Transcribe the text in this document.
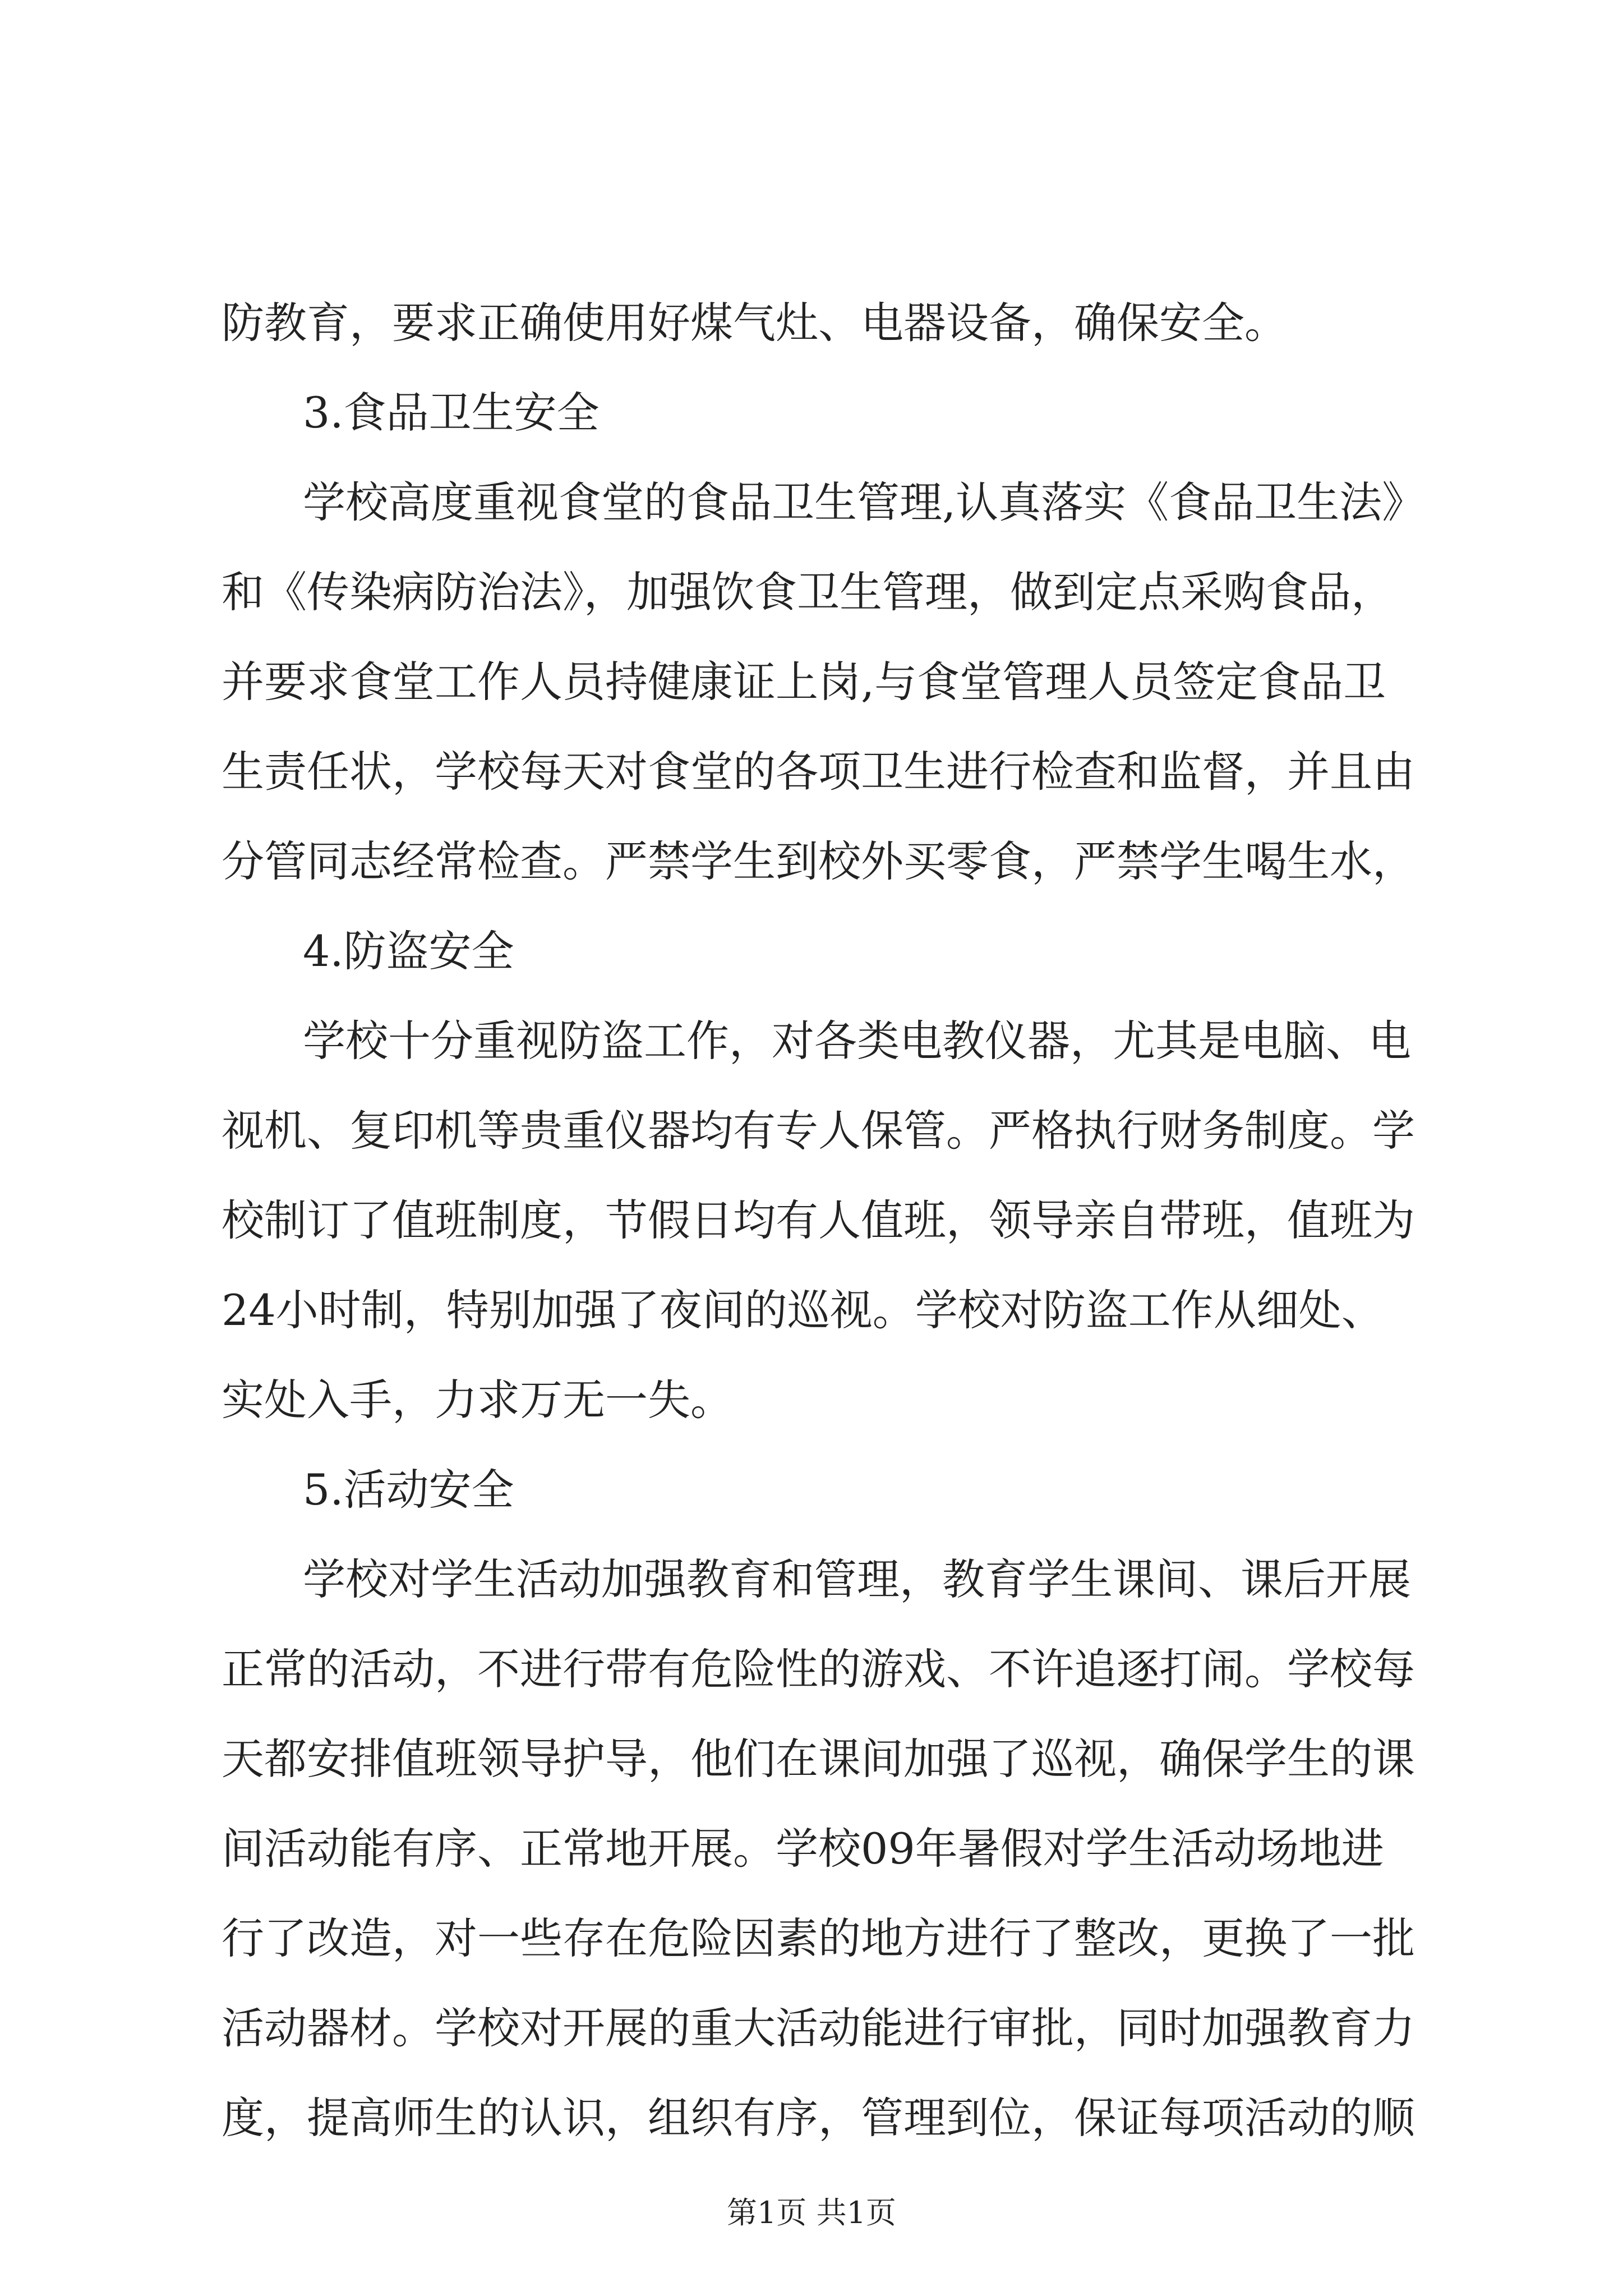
防教育，要求正确使用好煤气灶、电器设备，确保安全。
3.食品卫生安全
学校高度重视食堂的食品卫生管理,认真落实《食品卫生法》
和《传染病防治法》，加强饮食卫生管理，做到定点采购食品，
并要求食堂工作人员持健康证上岗,与食堂管理人员签定食品卫
生责任状，学校每天对食堂的各项卫生进行检查和监督，并且由
分管同志经常检查。严禁学生到校外买零食，严禁学生喝生水，
4.防盗安全
学校十分重视防盗工作，对各类电教仪器，尤其是电脑、电
视机、复印机等贵重仪器均有专人保管。严格执行财务制度。学
校制订了值班制度，节假日均有人值班，领导亲自带班，值班为
24小时制，特别加强了夜间的巡视。学校对防盗工作从细处、
实处入手，力求万无一失。
5.活动安全
学校对学生活动加强教育和管理，教育学生课间、课后开展
正常的活动，不进行带有危险性的游戏、不许追逐打闹。学校每
天都安排值班领导护导，他们在课间加强了巡视，确保学生的课
间活动能有序、正常地开展。学校09年暑假对学生活动场地进
行了改造，对一些存在危险因素的地方进行了整改，更换了一批
活动器材。学校对开展的重大活动能进行审批，同时加强教育力
度，提高师生的认识，组织有序，管理到位，保证每项活动的顺
第1页 共1页
